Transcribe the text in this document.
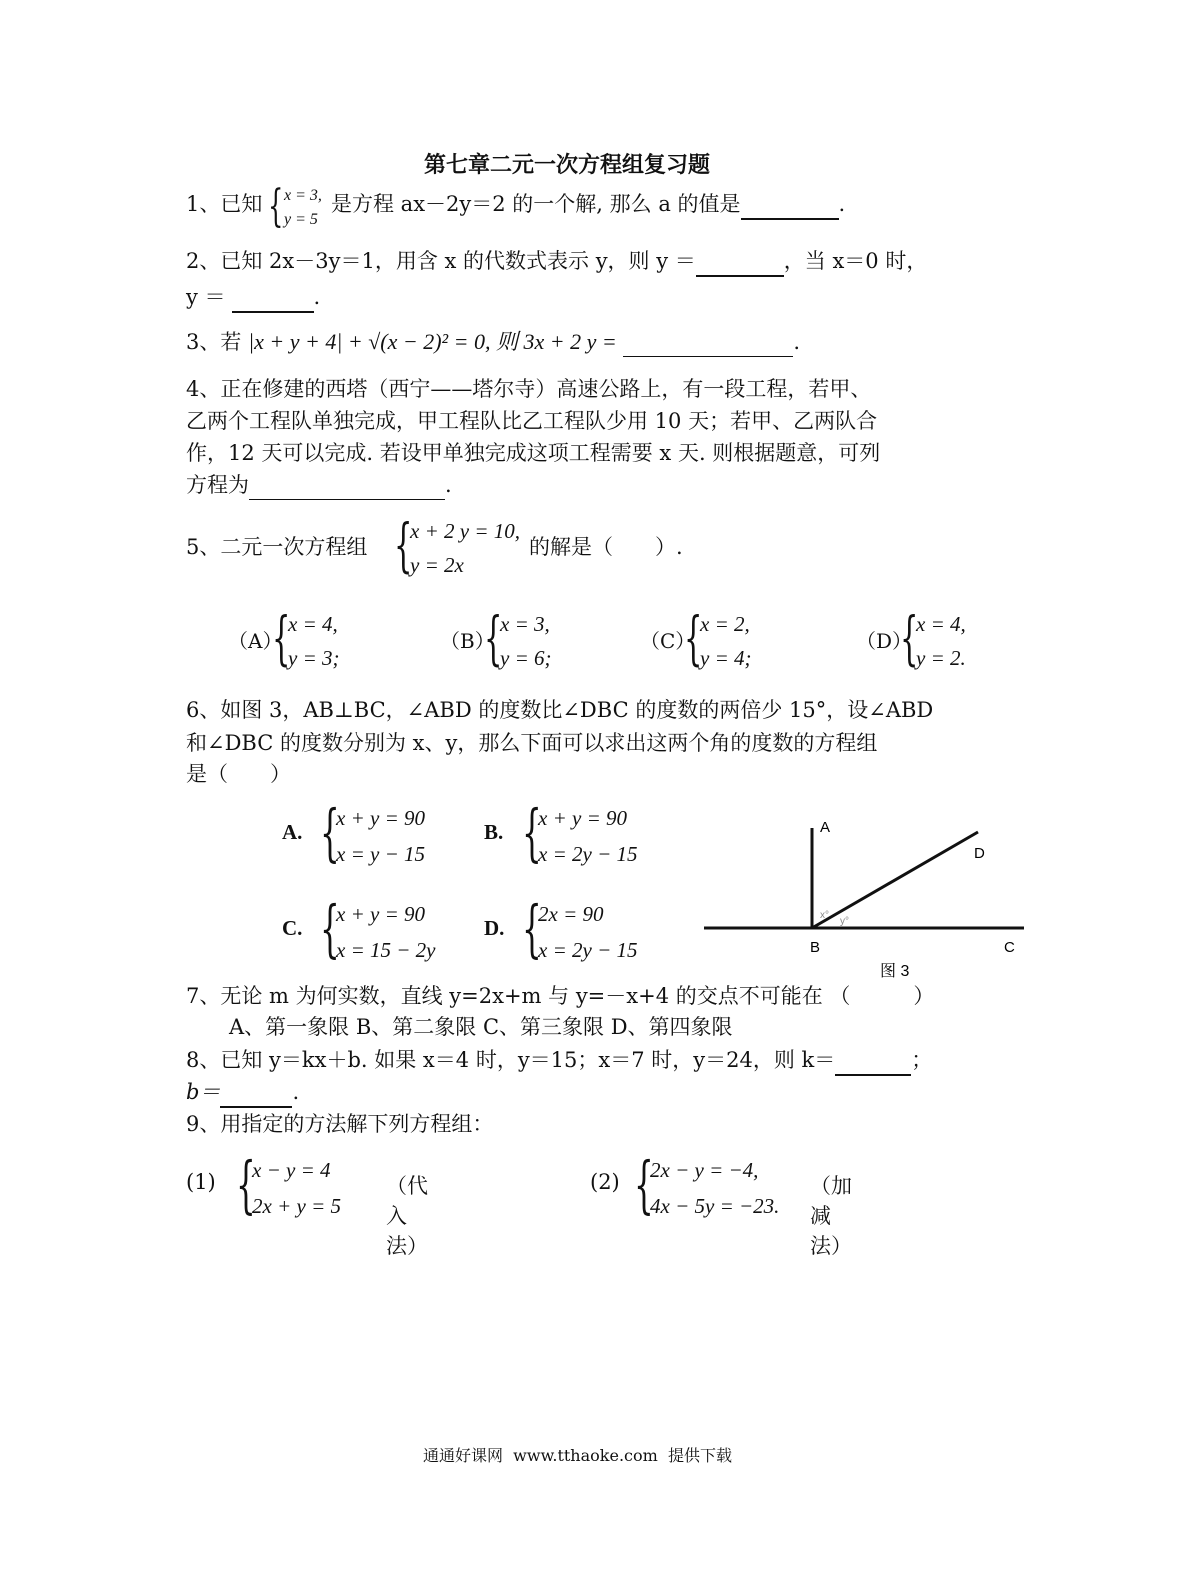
第七章二元一次方程组复习题
1、已知 { x = 3,
y = 5
是方程 ax－2y＝2 的一个解, 那么 a 的值是	.
2、已知 2x－3y＝1，用含 x 的代数式表示 y，则 y ＝	，当 x＝0 时，
y ＝	.
3、若 |x + y + 4| + √(x − 2)² = 0, 则 3x + 2 y =	.
4、正在修建的西塔（西宁——塔尔寺）高速公路上，有一段工程，若甲、
乙两个工程队单独完成，甲工程队比乙工程队少用 10 天；若甲、乙两队合
作，12 天可以完成. 若设甲单独完成这项工程需要 x 天. 则根据题意，可列
方程为	.
5、二元一次方程组 {
x + 2 y = 10,
y = 2x
的解是（　　）.
（A）
{
x = 4,
y = 3;
（B）
{
x = 3,
y = 6;
（C）
{
x = 2,
y = 4;
（D）
{
x = 4,
y = 2.
6、如图 3，AB⊥BC，∠ABD 的度数比∠DBC 的度数的两倍少 15°，设∠ABD
和∠DBC 的度数分别为 x、y，那么下面可以求出这两个角的度数的方程组
是（　　）
A. {
x + y = 90
x = y − 15
B. {
x + y = 90
x = 2y − 15
C. {
x + y = 90
x = 15 − 2y
D. {
2x = 90
x = 2y − 15
A
D
B	C
x°
y°
图 3
7、无论 m 为何实数，直线 y=2x+m 与 y=－x+4 的交点不可能在 （　　　）
A、第一象限 B、第二象限 C、第三象限 D、第四象限
8、已知 y＝kx＋b. 如果 x＝4 时，y＝15；x＝7 时，y＝24，则 k＝	；
b＝	.
9、用指定的方法解下列方程组：
(1) {
x − y = 4
2x + y = 5
（代入法）
(2) {
2x − y = −4,
4x − 5y = −23.
（加减法）
通通好课网  www.tthaoke.com  提供下载
